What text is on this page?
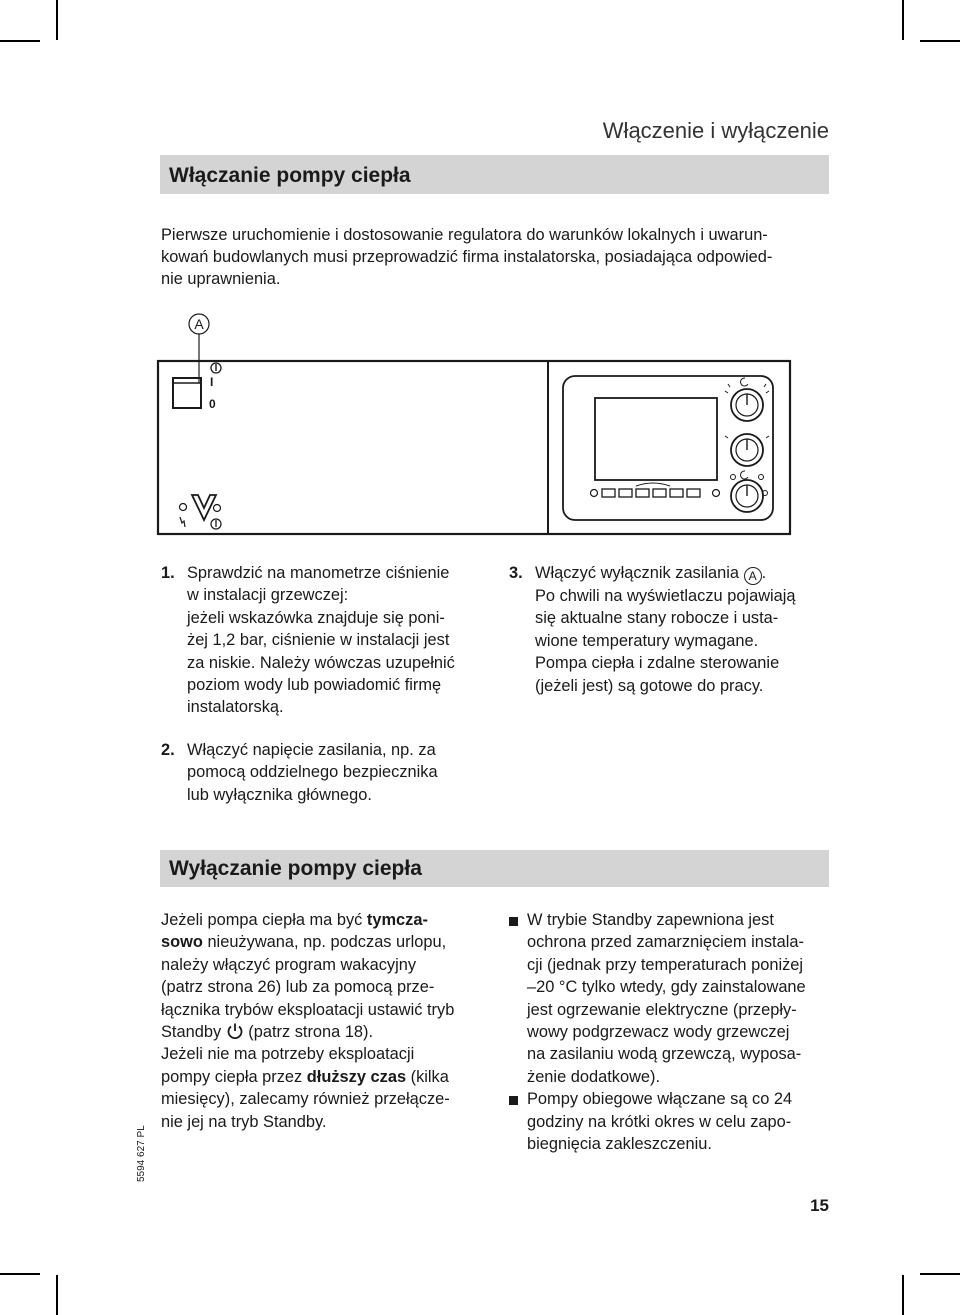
Włączenie i wyłączenie
Włączanie pompy ciepła

Pierwsze uruchomienie i dostosowanie regulatora do warunków lokalnych i uwarun-
kowań budowlanych musi przeprowadzić firma instalatorska, posiadająca odpowied-
nie uprawnienia.

A
I
0
1. Sprawdzić na manometrze ciśnienie
w instalacji grzewczej:
jeżeli wskazówka znajduje się poni-
żej 1,2 bar, ciśnienie w instalacji jest
za niskie. Należy wówczas uzupełnić
poziom wody lub powiadomić firmę
instalatorską.
2. Włączyć napięcie zasilania, np. za
pomocą oddzielnego bezpiecznika
lub wyłącznika głównego.
3. Włączyć wyłącznik zasilania A .
Po chwili na wyświetlaczu pojawiają
się aktualne stany robocze i usta-
wione temperatury wymagane.
Pompa ciepła i zdalne sterowanie
(jeżeli jest) są gotowe do pracy.
Wyłączanie pompy ciepła

Jeżeli pompa ciepła ma być tymcza-
sowo nieużywana, np. podczas urlopu,
należy włączyć program wakacyjny
(patrz strona 26) lub za pomocą prze-
łącznika trybów eksploatacji ustawić tryb
Standby  (patrz strona 18).
Jeżeli nie ma potrzeby eksploatacji
pompy ciepła przez dłuższy czas (kilka
miesięcy), zalecamy również przełącze-
nie jej na tryb Standby.

W trybie Standby zapewniona jest
ochrona przed zamarznięciem instala-
cji (jednak przy temperaturach poniżej
–20 °C tylko wtedy, gdy zainstalowane
jest ogrzewanie elektryczne (przepły-
wowy podgrzewacz wody grzewczej
na zasilaniu wodą grzewczą, wyposa-
żenie dodatkowe).
Pompy obiegowe włączane są co 24
godziny na krótki okres w celu zapo-
biegnięcia zakleszczeniu.
5594 627 PL
15
